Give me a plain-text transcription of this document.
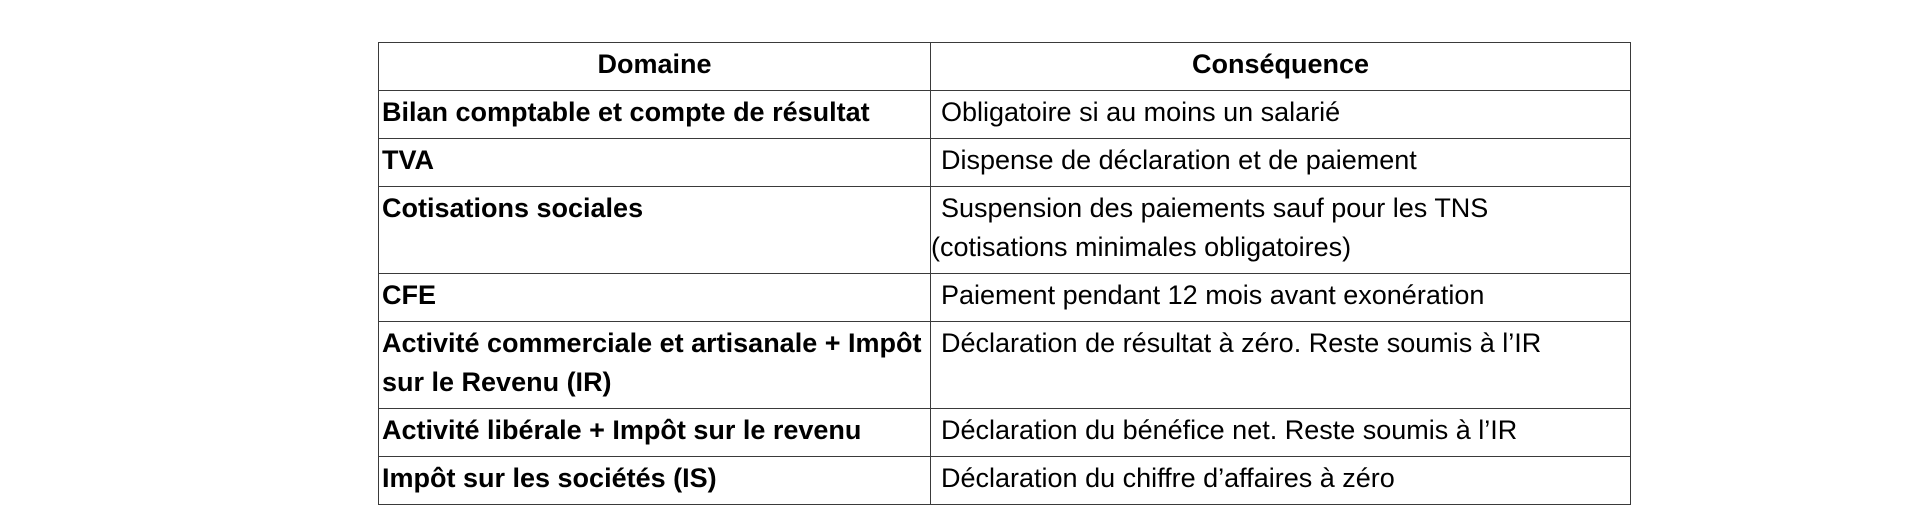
Domaine	Conséquence
Bilan comptable et compte de résultat	Obligatoire si au moins un salarié

TVA	Dispense de déclaration et de paiement

Cotisations sociales	Suspension des paiements sauf pour les TNS
(cotisations minimales obligatoires)

CFE	Paiement pendant 12 mois avant exonération

Activité commerciale et artisanale + Impôt sur le Revenu (IR)	Déclaration de résultat à zéro. Reste soumis à l’IR

Activité libérale + Impôt sur le revenu	Déclaration du bénéfice net. Reste soumis à l’IR

Impôt sur les sociétés (IS)	Déclaration du chiffre d’affaires à zéro
